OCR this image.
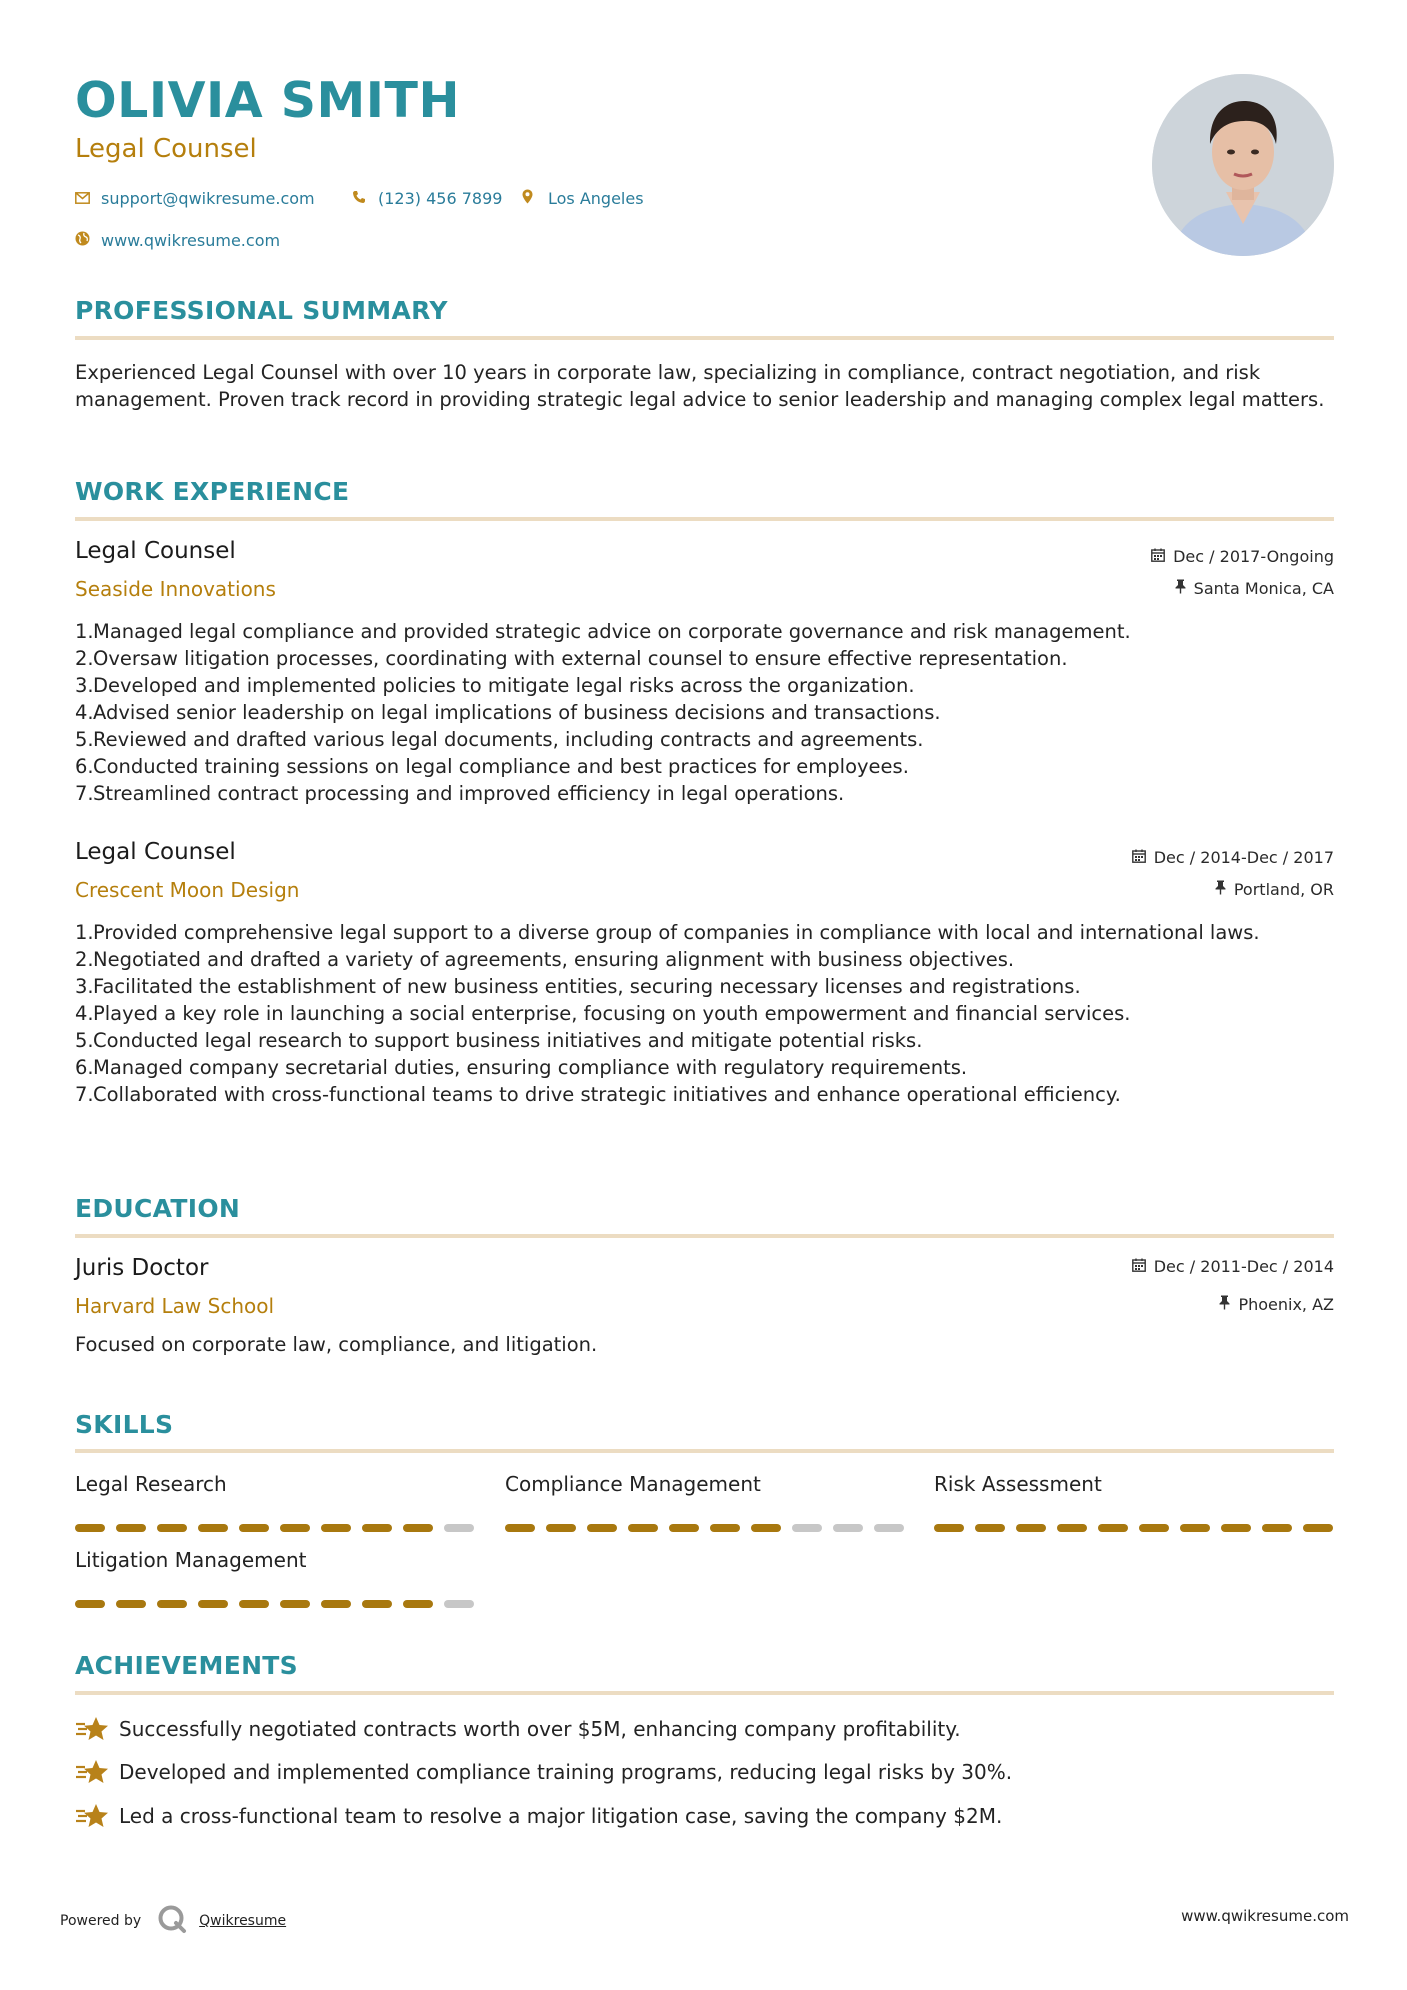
OLIVIA SMITH
Legal Counsel
support@qwikresume.com	(123) 456 7899	Los Angeles
www.qwikresume.com
PROFESSIONAL SUMMARY
Experienced Legal Counsel with over 10 years in corporate law, specializing in compliance, contract negotiation, and risk management. Proven track record in providing strategic legal advice to senior leadership and managing complex legal matters.
WORK EXPERIENCE
Legal Counsel
Seaside Innovations
Dec / 2017-Ongoing
Santa Monica, CA
1. Managed legal compliance and provided strategic advice on corporate governance and risk management.
2. Oversaw litigation processes, coordinating with external counsel to ensure effective representation.
3. Developed and implemented policies to mitigate legal risks across the organization.
4. Advised senior leadership on legal implications of business decisions and transactions.
5. Reviewed and drafted various legal documents, including contracts and agreements.
6. Conducted training sessions on legal compliance and best practices for employees.
7. Streamlined contract processing and improved efficiency in legal operations.
Legal Counsel
Crescent Moon Design
Dec / 2014-Dec / 2017
Portland, OR
1. Provided comprehensive legal support to a diverse group of companies in compliance with local and international laws.
2. Negotiated and drafted a variety of agreements, ensuring alignment with business objectives.
3. Facilitated the establishment of new business entities, securing necessary licenses and registrations.
4. Played a key role in launching a social enterprise, focusing on youth empowerment and financial services.
5. Conducted legal research to support business initiatives and mitigate potential risks.
6. Managed company secretarial duties, ensuring compliance with regulatory requirements.
7. Collaborated with cross-functional teams to drive strategic initiatives and enhance operational efficiency.
EDUCATION
Juris Doctor
Harvard Law School
Dec / 2011-Dec / 2014
Phoenix, AZ
Focused on corporate law, compliance, and litigation.
SKILLS
Legal Research	Compliance Management	Risk Assessment
Litigation Management
ACHIEVEMENTS
Successfully negotiated contracts worth over $5M, enhancing company profitability.
Developed and implemented compliance training programs, reducing legal risks by 30%.
Led a cross-functional team to resolve a major litigation case, saving the company $2M.
Powered by	Qwikresume	www.qwikresume.com
